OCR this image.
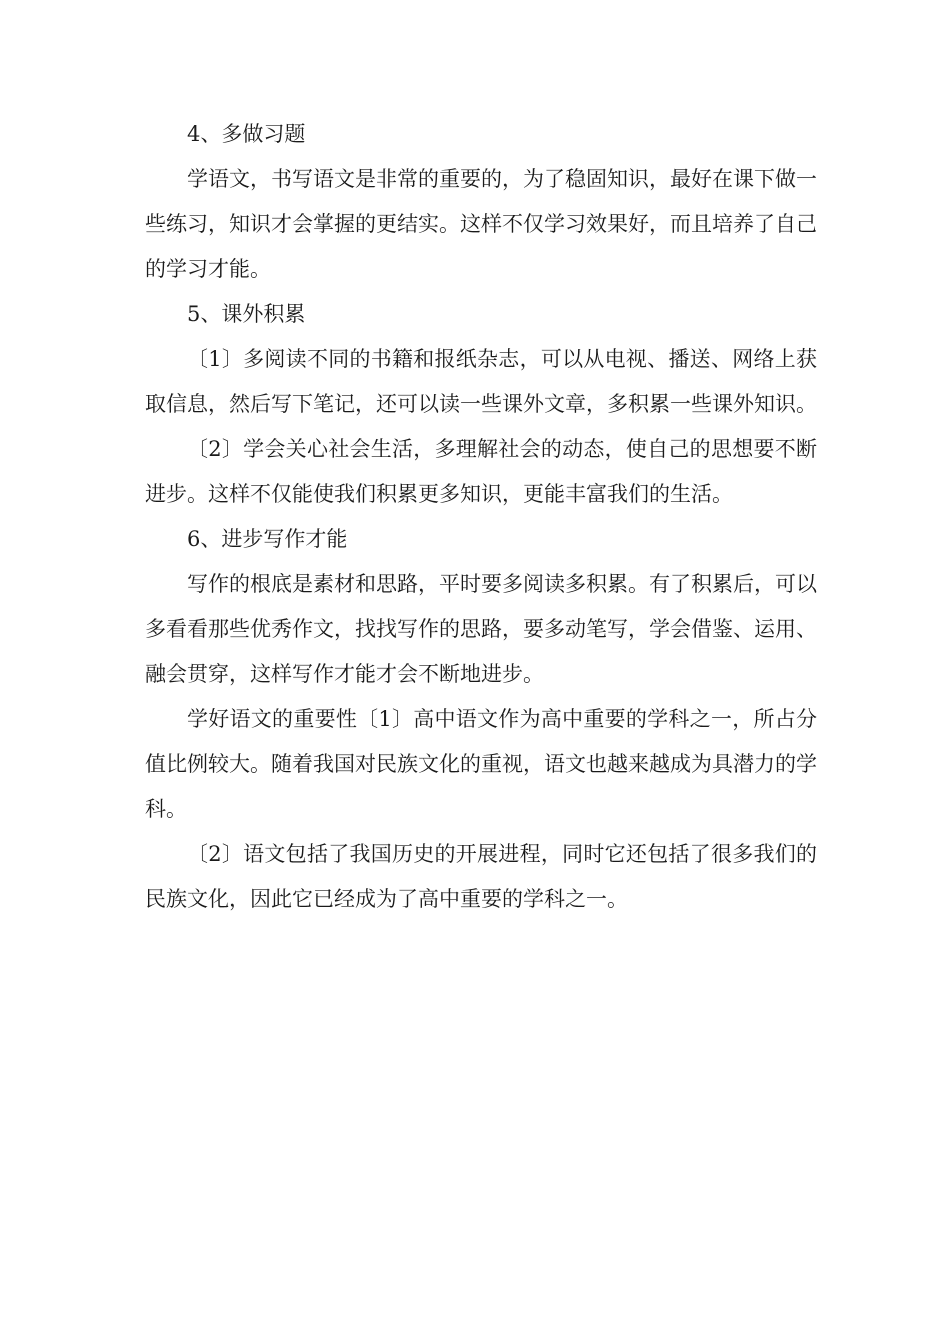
4、多做习题

学语文，书写语文是非常的重要的，为了稳固知识，最好在课下做一些练习，知识才会掌握的更结实。这样不仅学习效果好，而且培养了自己的学习才能。

5、课外积累

〔1〕多阅读不同的书籍和报纸杂志，可以从电视、播送、网络上获取信息，然后写下笔记，还可以读一些课外文章，多积累一些课外知识。

〔2〕学会关心社会生活，多理解社会的动态，使自己的思想要不断进步。这样不仅能使我们积累更多知识，更能丰富我们的生活。

6、进步写作才能

写作的根底是素材和思路，平时要多阅读多积累。有了积累后，可以多看看那些优秀作文，找找写作的思路，要多动笔写，学会借鉴、运用、融会贯穿，这样写作才能才会不断地进步。

学好语文的重要性〔1〕高中语文作为高中重要的学科之一，所占分值比例较大。随着我国对民族文化的重视，语文也越来越成为具潜力的学科。

〔2〕语文包括了我国历史的开展进程，同时它还包括了很多我们的民族文化，因此它已经成为了高中重要的学科之一。
